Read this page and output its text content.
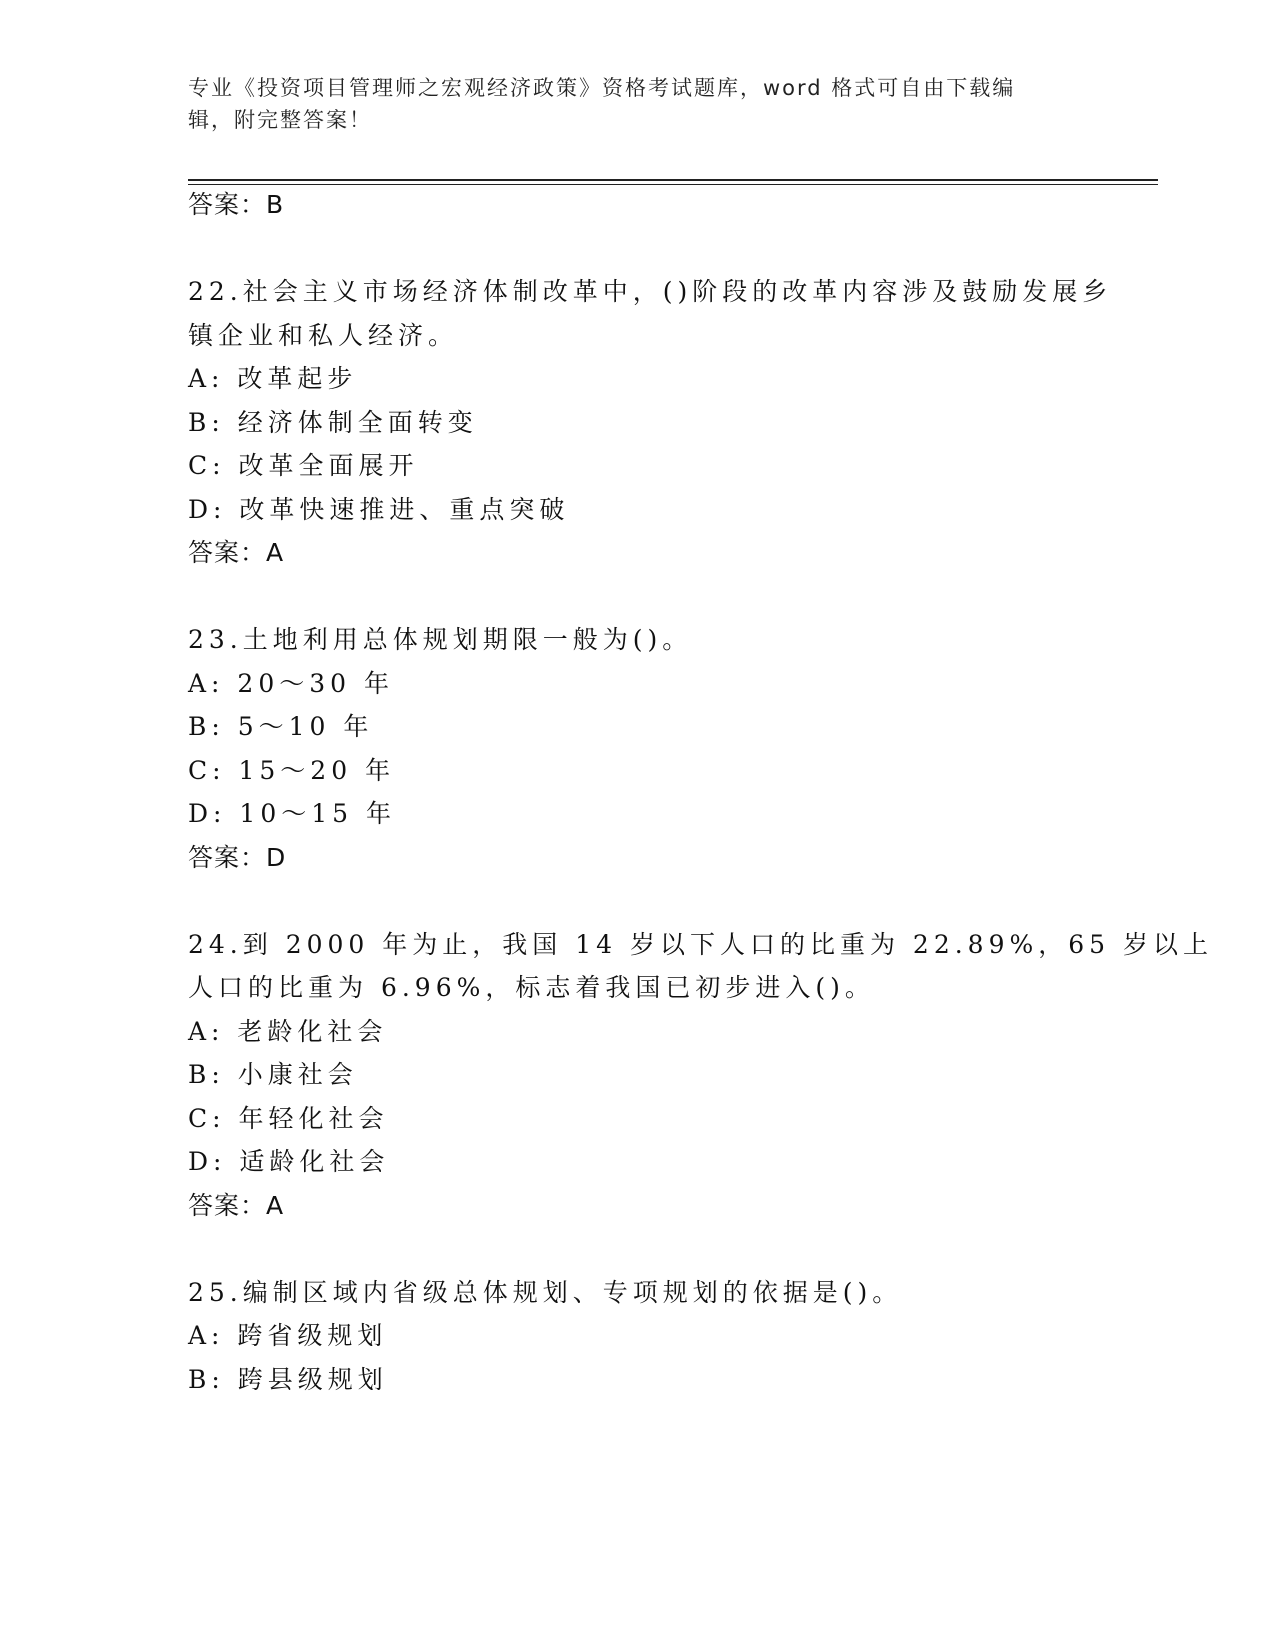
专业《投资项目管理师之宏观经济政策》资格考试题库，word 格式可自由下载编
辑，附完整答案！
答案：B
22.社会主义市场经济体制改革中，()阶段的改革内容涉及鼓励发展乡
镇企业和私人经济。
A: 改革起步
B: 经济体制全面转变
C: 改革全面展开
D: 改革快速推进、重点突破
答案：A
23.土地利用总体规划期限一般为()。
A: 20～30 年
B: 5～10 年
C: 15～20 年
D: 10～15 年
答案：D
24.到 2000 年为止，我国 14 岁以下人口的比重为 22.89%，65 岁以上
人口的比重为 6.96%，标志着我国已初步进入()。
A: 老龄化社会
B: 小康社会
C: 年轻化社会
D: 适龄化社会
答案：A
25.编制区域内省级总体规划、专项规划的依据是()。
A: 跨省级规划
B: 跨县级规划
